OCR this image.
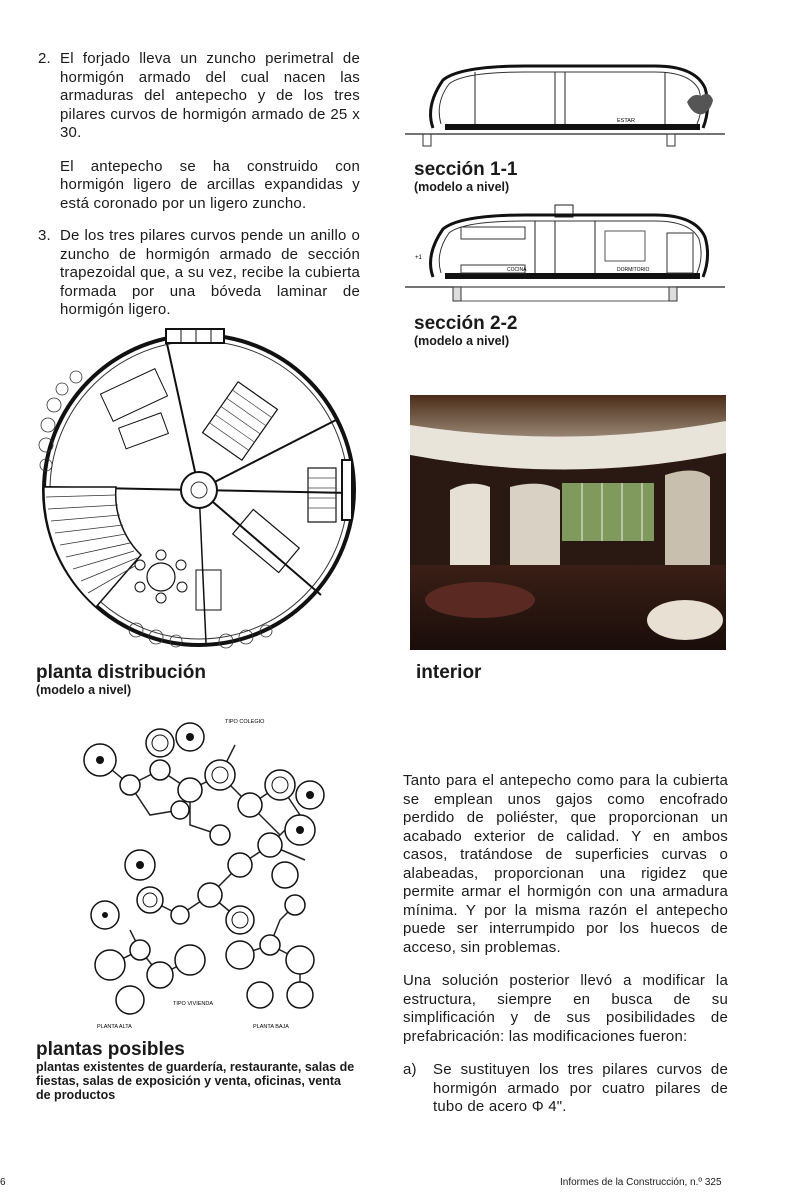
2. El forjado lleva un zuncho perimetral de hormigón armado del cual nacen las armaduras del antepecho y de los tres pilares curvos de hormigón armado de 25 x 30.
El antepecho se ha construido con hormigón ligero de arcillas expandidas y está coronado por un ligero zuncho.
3. De los tres pilares curvos pende un anillo o zuncho de hormigón armado de sección trapezoidal que, a su vez, recibe la cubierta formada por una bóveda laminar de hormigón ligero.
ESTAR
sección 1-1
(modelo a nivel)
+1
COCINA	DORMITORIO
sección 2-2
(modelo a nivel)
planta distribución
(modelo a nivel)
interior
TIPO COLEGIO
TIPO VIVIENDA
PLANTA ALTA	PLANTA BAJA
plantas posibles
plantas existentes de guardería, restaurante, salas de fiestas, salas de exposición y venta, oficinas, venta de productos
Tanto para el antepecho como para la cubierta se emplean unos gajos como encofrado perdido de poliéster, que proporcionan un acabado exterior de calidad. Y en ambos casos, tratándose de superficies curvas o alabeadas, proporcionan una rigidez que permite armar el hormigón con una armadura mínima. Y por la misma razón el antepecho puede ser interrumpido por los huecos de acceso, sin problemas.
Una solución posterior llevó a modificar la estructura, siempre en busca de su simplificación y de sus posibilidades de prefabricación: las modificaciones fueron:
a)	Se sustituyen los tres pilares curvos de hormigón armado por cuatro pilares de tubo de acero Φ 4".
6	Informes de la Construcción, n.º 325
